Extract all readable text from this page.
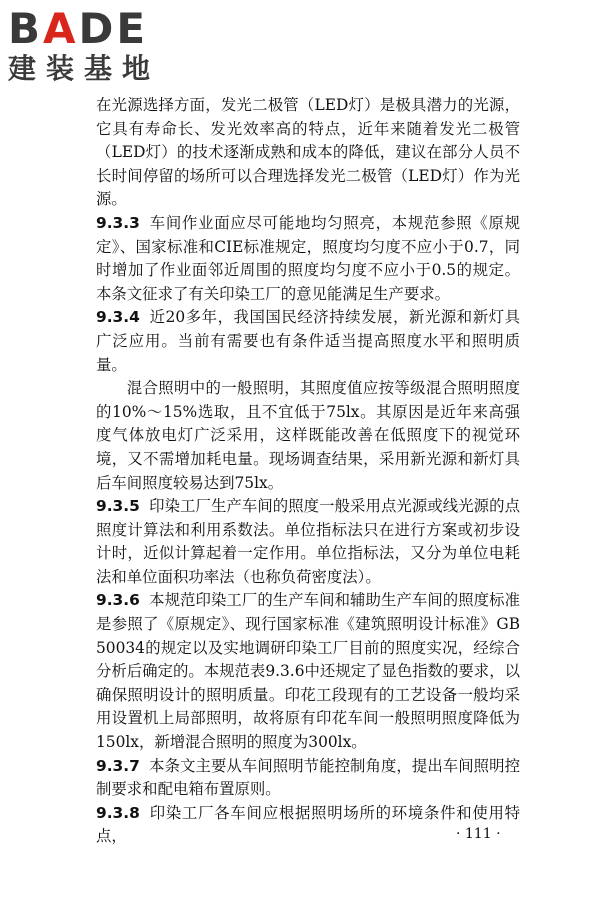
BADE
建装基地

在光源选择方面，发光二极管（LED灯）是极具潜力的光源，它具有寿命长、发光效率高的特点，近年来随着发光二极管（LED灯）的技术逐渐成熟和成本的降低，建议在部分人员不长时间停留的场所可以合理选择发光二极管（LED灯）作为光源。

9.3.3 车间作业面应尽可能地均匀照亮，本规范参照《原规定》、国家标准和CIE标准规定，照度均匀度不应小于0.7，同时增加了作业面邻近周围的照度均匀度不应小于0.5的规定。本条文征求了有关印染工厂的意见能满足生产要求。

9.3.4 近20多年，我国国民经济持续发展，新光源和新灯具广泛应用。当前有需要也有条件适当提高照度水平和照明质量。

混合照明中的一般照明，其照度值应按等级混合照明照度的10%～15%选取，且不宜低于75lx。其原因是近年来高强度气体放电灯广泛采用，这样既能改善在低照度下的视觉环境，又不需增加耗电量。现场调查结果，采用新光源和新灯具后车间照度较易达到75lx。

9.3.5 印染工厂生产车间的照度一般采用点光源或线光源的点照度计算法和利用系数法。单位指标法只在进行方案或初步设计时，近似计算起着一定作用。单位指标法，又分为单位电耗法和单位面积功率法（也称负荷密度法）。

9.3.6 本规范印染工厂的生产车间和辅助生产车间的照度标准是参照了《原规定》、现行国家标准《建筑照明设计标准》GB 50034的规定以及实地调研印染工厂目前的照度实况，经综合分析后确定的。本规范表9.3.6中还规定了显色指数的要求，以确保照明设计的照明质量。印花工段现有的工艺设备一般均采用设置机上局部照明，故将原有印花车间一般照明照度降低为150lx，新增混合照明的照度为300lx。

9.3.7 本条文主要从车间照明节能控制角度，提出车间照明控制要求和配电箱布置原则。

9.3.8 印染工厂各车间应根据照明场所的环境条件和使用特点，	· 111 ·
